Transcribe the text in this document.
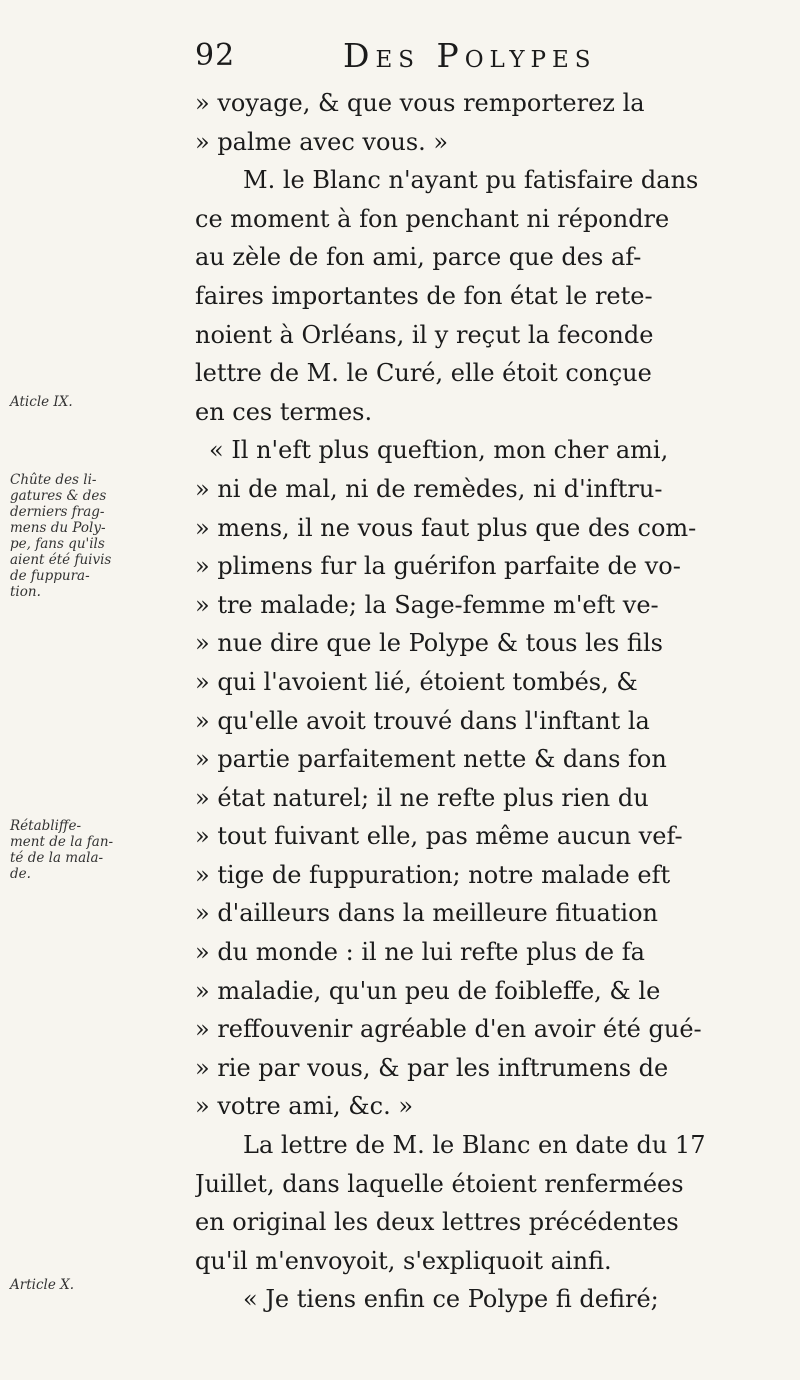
92	Des Polypes
Aticle IX.
Chûte des li-
gatures & des
derniers frag-
mens du Poly-
pe, fans qu'ils
aient été fuivis
de fuppura-
tion.
Rétabliffe-
ment de la fan-
té de la mala-
de.
Article X.
» voyage, & que vous remporterez la
» palme avec vous. »
M. le Blanc n'ayant pu fatisfaire dans
ce moment à fon penchant ni répondre
au zèle de fon ami, parce que des af-
faires importantes de fon état le rete-
noient à Orléans, il y reçut la feconde
lettre de M. le Curé, elle étoit conçue
en ces termes.
« Il n'eft plus queftion, mon cher ami,
» ni de mal, ni de remèdes, ni d'inftru-
» mens, il ne vous faut plus que des com-
» plimens fur la guérifon parfaite de vo-
» tre malade; la Sage-femme m'eft ve-
» nue dire que le Polype & tous les fils
» qui l'avoient lié, étoient tombés, &
» qu'elle avoit trouvé dans l'inftant la
» partie parfaitement nette & dans fon
» état naturel; il ne refte plus rien du
» tout fuivant elle, pas même aucun vef-
» tige de fuppuration; notre malade eft
» d'ailleurs dans la meilleure fituation
» du monde : il ne lui refte plus de fa
» maladie, qu'un peu de foibleffe, & le
» reffouvenir agréable d'en avoir été gué-
» rie par vous, & par les inftrumens de
» votre ami, &c. »
La lettre de M. le Blanc en date du 17
Juillet, dans laquelle étoient renfermées
en original les deux lettres précédentes
qu'il m'envoyoit, s'expliquoit ainfi.
« Je tiens enfin ce Polype fi defiré;
